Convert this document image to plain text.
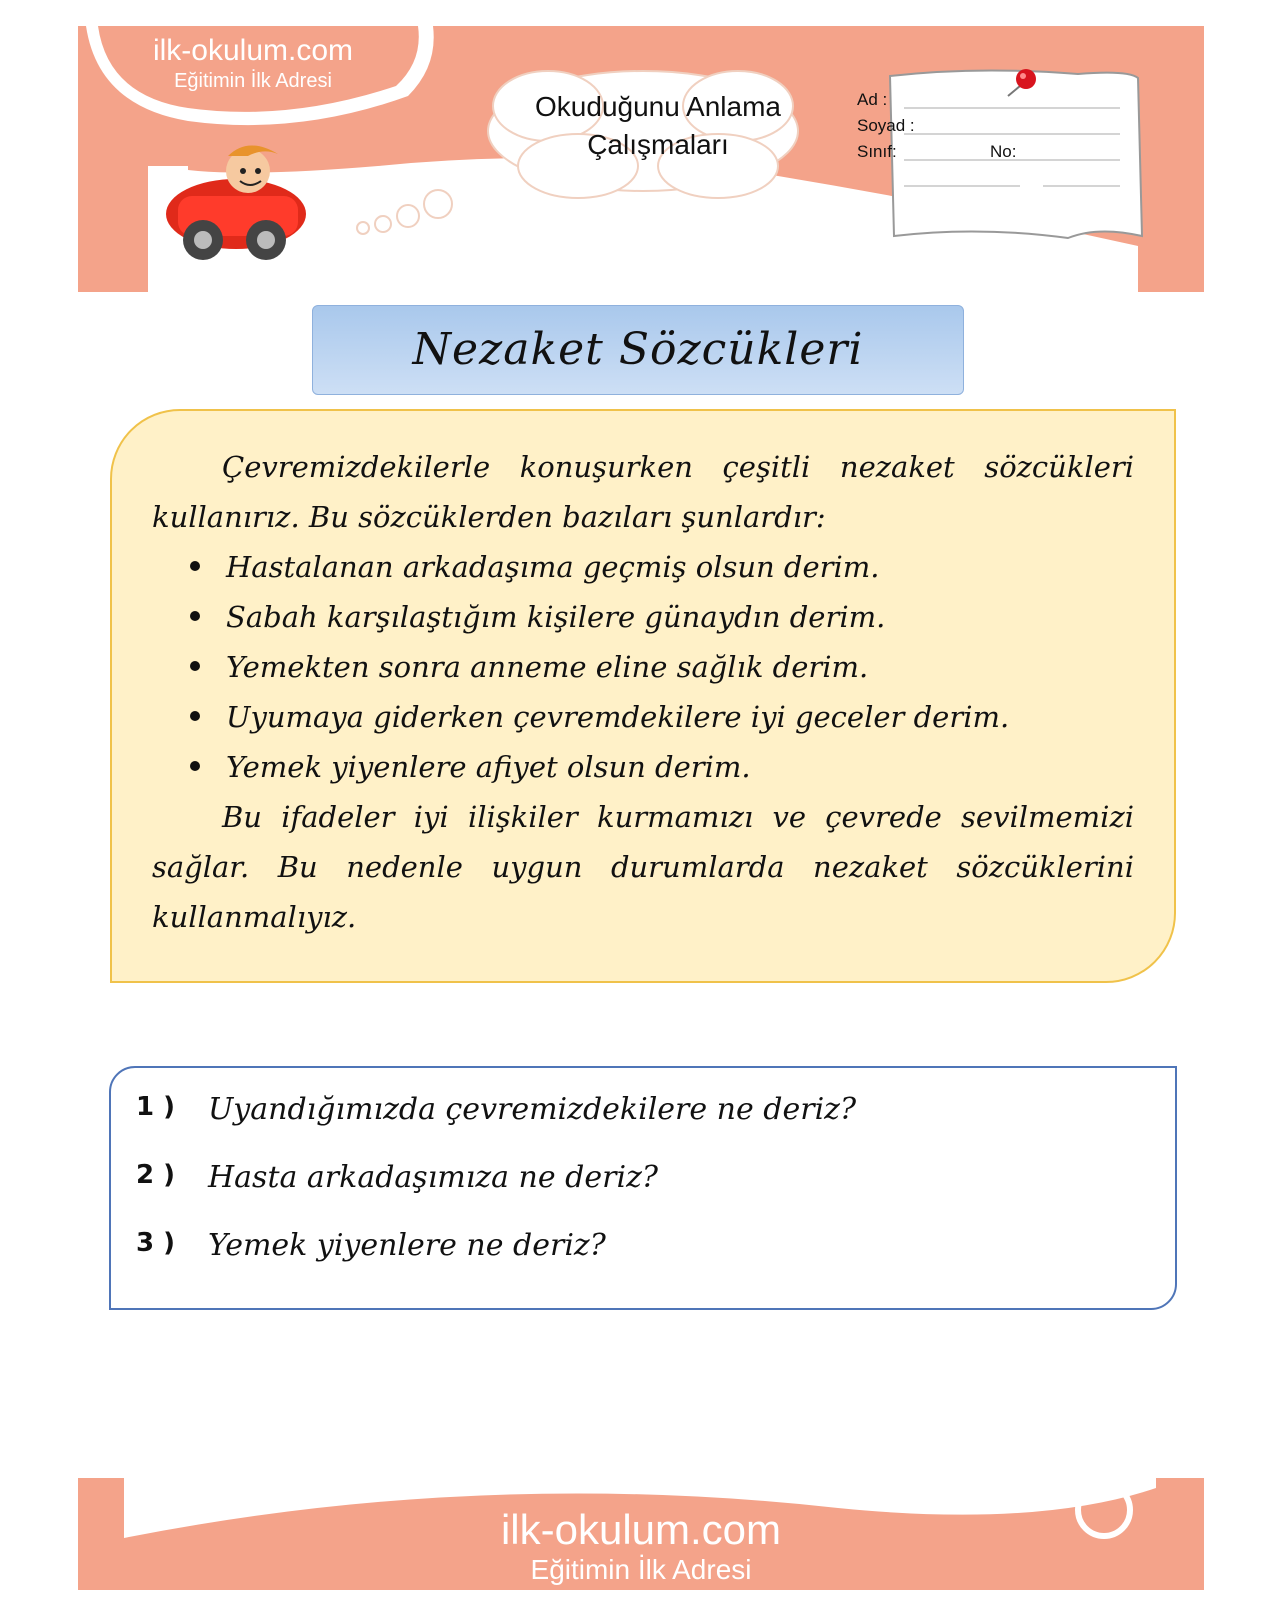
ilk-okulum.com
Eğitimin İlk Adresi
Okuduğunu Anlama
Çalışmaları
Ad :
Soyad :
Sınıf:	No:
Nezaket Sözcükleri
Çevremizdekilerle konuşurken çeşitli nezaket sözcükleri
kullanırız. Bu sözcüklerden bazıları şunlardır:
Hastalanan arkadaşıma geçmiş olsun derim.
Sabah karşılaştığım kişilere günaydın derim.
Yemekten sonra anneme eline sağlık derim.
Uyumaya giderken çevremdekilere iyi geceler derim.
Yemek yiyenlere afiyet olsun derim.
Bu ifadeler iyi ilişkiler kurmamızı ve çevrede sevilmemizi
sağlar. Bu nedenle uygun durumlarda nezaket sözcüklerini
kullanmalıyız.
1 ) Uyandığımızda çevremizdekilere ne deriz?
2 ) Hasta arkadaşımıza ne deriz?
3 ) Yemek yiyenlere ne deriz?
ilk-okulum.com
Eğitimin İlk Adresi
